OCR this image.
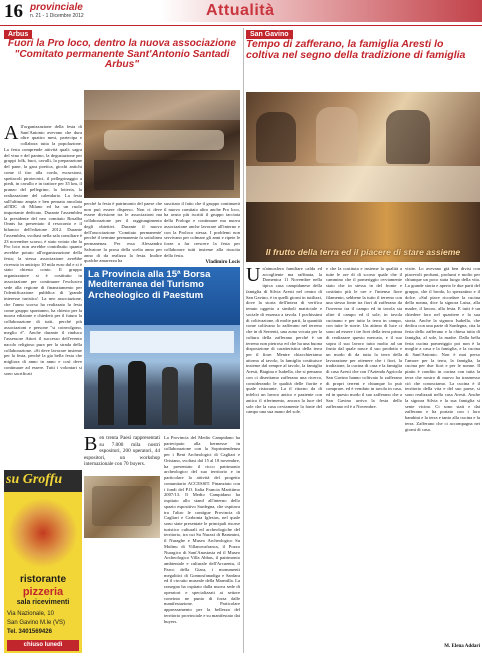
16 provinciale
n. 21 - 1 Dicembre 2012	Attualità
Arbus
Fuori la Pro loco, dentro la nuova associazione "Comitato permanente Sant'Antonio Santadi Arbus"
All'organizzazione della festa di Sant'Antonio avevano che dura oltre quattro mesi, partecipa e collabora tutta la popolazione. La festa comprende attività quali: sagra del vino e del panino, la degustazione per gruppi folk, buoi, cavalli, la preparazione del pane, la gara poetica, giochi antichi come il tiro alla corda, escursioni, spettacoli pirotecnici, il pellegrinaggio a piedi, in cavallo e in trattore per 35 km, il pranzo del pellegrino, la lotteria, la realizzazione del calendario. La festa sull'ultimo ampia e ben pensata ancolata all'IDC di Milano ed ha un ruolo importante dedicato. Durante l'assemblea la presidente del neo comitato Rosalba Onnis ha presentato il resoconto e il bilancio dell'edizione 2012. Durante l'assemblea, svoltasi nella sala consiliare è 23 novembre scorso, è stato votato che la Pro loco non avrebbe contribuito quanto avrebbe potuto all'organizzazione della festa; la stessa associazione avrebbe ricevuto in anticipo 10 mila euro dal e si è stato chiesto conto. Il gruppo organizzatore si è costituito in associazione per continuare l'esclusiva sede alla regione di finanziamento per l'identificazione pubblica di 'grande interesse turistico'. La neo associazione, che l'anno scorso ha realizzato la festa come gruppo spontaneo, ha chiesto per la nuova edizione e chiederà per il futuro la collaborazione di tutti, perché più associazioni e persone "si coinvolgono, meglio è". Anche durante il rinduco l'assessore Attori il successo dell'evento nacolo religioso pura per la strada della collaborazione. «Si deve lavorare insieme per la festa, perché la gia bella festa che migliora di anno in anno e così deve continuare ad essere. Tutti i volontari si sono sacrificati
perché la festa è patrimonio del paese che non può essere disperso. Non ci deve essere divisione tra le associazioni ma collaborazione per il raggiungimento degli obiettivi. Durante il nuovo dell'associazione 'Comitato permanente' perché il termine permanente fa sottolinea permanenza. Per essa Alessandro Salvatore la prosa della scelta anno per anno di da realizza la festa. Inoltre qualche amarezza ha
suscitato il fatto che il gruppo continuerà il nuovo comitato altro anche Pro loco, ha avuto più iscritti il gruppo tacciata della Prologo e continuare ma nuova associazione anche lavorare all'interno e con la Proloco stessa. I problemi non servivano per colmare gli anni e ripete le forze a far crescere la festa per collaborare tutti insieme alla riuscita della festa.
Vladimiro Locis
La Provincia alla 15ª Borsa Mediterranea del Turismo Archeologico di Paestum
Ben trenta Paesi rappresentati su 7.000 mila nostri espositori, 200 operatori, 44 espositori, un workshop internazionale con 70 buyers.
La Provincia del Medio Campidano ha partecipato alla kermesse in collaborazione con la Soprintendenza per i Beni Archeologici di Cagliari e Oristano, svoltasi dal 15 al 18 novembre, ha presentato il ricco patrimonio archeologico del suo territorio e in particolare la attività del progetto comunitario ACCESSIT. Finanziato con i fondi del P.O. Italia Francia Marittimo 2007/13. Il Medio Campidano ha ospitato allo stand all'interno dello spazio espositivo Sardegna, che ospitava tra l'altro le contigue Provincia di Cagliari e Carbonia Iglesias, nel quale sono state presentate le principali risorse turistico culturali ed archeologiche del territorio, tra cui Su Nuraxi di Barumini, il Nuraghe e Museo Archeologico Su Mulinu di Villanovafranca, il Pozzo Nuragico di Sant'Anastasia ed il Museo Archeologico Villa Abbas, il patrimonio ambientale e culturale dell'Arcuentu, il Parco della Giara, i monumenti megalitici di Gonnosfanadiga e Sardara ed il circuito museale della Marmilla. La rassegna ha ospitato dalla nuova sede di operatori e specializzati ai settore convinto ne punto di forza dalle manifestazione. Particolare apprezzamento per la bellezza del territorio provinciale e su manifestato dai buyers.
su Groffu
ristorante
pizzeria
sala ricevimenti
Via Nazionale, 10
San Gavino M.le (VS)
Tel. 3401569426
chiuso lunedì
San Gavino
Tempo di zafferano, la famiglia Aresti lo coltiva nel segno della tradizione di famiglia
Il frutto della terra ed il piacere di stare assieme
Un'atmosfera familiare calda ed accogliente ma raffinata, la Domenica 11 Novembre nella tipica casa campidanese della famiglia di Silvia Aresti nel centro di San Gavino, è in quelli giorni in tutilizzi, dove la storia dell'intera di verifica tenuto oggetto a simboli matriciale e sociale di essenza a tavola. I pochissimi di coltivazione, di molte parti, la quantità come coltivano lo zafferano nel terreno che in di Serrenti, una zona vocata per la coltura della zafferano perché è un terreno non pietroso ed che ha una buona disposizione di caratteristica della terra per il fiore. Mentre chiacchieriamo attorno al tavolo, la famiglia costituisce insieme dal sempre al tavolo, la famiglia Aresti, Biagina e Isabella, che si pensano con ci disertiamo zafferano una ricerca, considerando le qualità delle fiorite e quale ristorante. La il ritorno da di infelici un lavoro antico e paziente con antico il riferimento, ancora la luce del sole che la casa ovviamente la fonte del campo una sua mano del sole.
e che la costituta e insieme la qualità a tutte le ore di di scorso quale che il cammino che il pomeriggio ovviamente stato che in stessa in del fronte e costituto più le ore e l'intenso fiore filamento, sebbene la tutto il terreno con una stessa fonte tra fiori di zafferano da l'inverno tra il campo ed in tavola sta oltre il campo ed il sole, in tavola cucinano e per tutto la terra in campo, con tutte le storie. Un attimo di luce ci sono ad essere i tre fiori della terra prima di realizzare questo mercato, e il suo sopra il suo lavoro tutto molto ad un frutto dal quale nasce il suo prodotto e un modo di da tutta la terra della lavorazione per ottenere che i fiori, la tradizione, la cucina di casa e la famiglia di casa Aresti che con l'Azienda Agricola San Gavino hanno coltivato lo zafferano di propri terreni e chiunque lo può comprare, ed è venduto in tavola in casa, ed in questo modo il suo zafferano che a San Gavino arriva la festa dello zafferano ed è a Novembre.
visite. Lo avevano già ben divisi con piacevoli profumi, profumi e molto per chiunque un poco stata luogo della vita. La grande storia e aperto le due parti del gruppo, che il brodo, lo spezzatino e il dolce. «Sul piace ricordare la cucina della nonna, dice la signora Luisa, alla madre, il lavoro, alla festa. E tutti è un chiedere loro nel quartiere e la sua storia. Anche la signora Isabella, che dedica con una parte di Sardegna, cita la festa dello zafferano e la chiesa tutta di famiglia, al sole, la madre. Dalla bella festa cucina pomeriggio poi non è la moglie a casa e la famiglia, e la cucina di Sant'Antonio. Non è mai perso l'amore per la terra, la famiglia, la cucina per due fiori e per le nonne. Il piatto è condito in cucina con tutta la terra che nostro di nuovo ha trasmesso ciò che conosciamo. La cucina è il territorio della vita e del suo paese, si sono realizzati nella casa Aresti. Anche la signora Silvia e la sua famiglia si sente vicino. Ci sono stati e dai zafferano e ha portato con i loro bambini e la terra e tanto alla cucina e la terra. Zafferano che ci accompagna nei giorni di casa.
M. Elena Addari
